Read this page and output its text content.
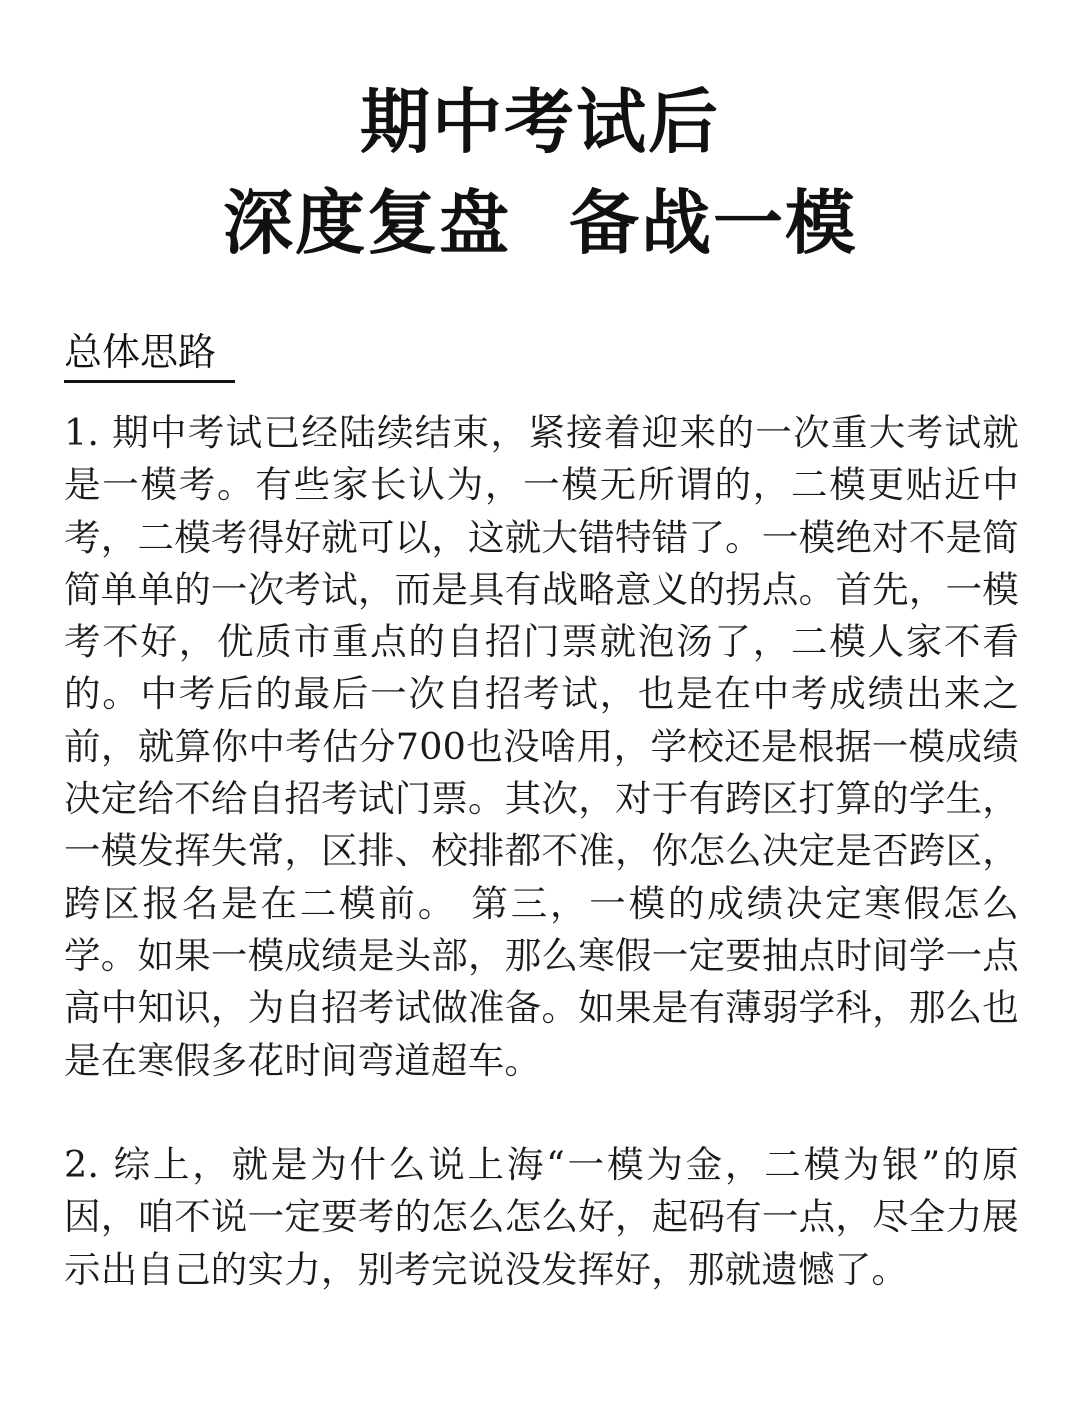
期中考试后
深度复盘 备战一模
总体思路

1. 期中考试已经陆续结束，紧接着迎来的一次重大考试就是一模考。有些家长认为，一模无所谓的，二模更贴近中考，二模考得好就可以，这就大错特错了。一模绝对不是简简单单的一次考试，而是具有战略意义的拐点。首先，一模考不好，优质市重点的自招门票就泡汤了，二模人家不看的。中考后的最后一次自招考试，也是在中考成绩出来之前，就算你中考估分700也没啥用，学校还是根据一模成绩决定给不给自招考试门票。其次，对于有跨区打算的学生，一模发挥失常，区排、校排都不准，你怎么决定是否跨区，跨区报名是在二模前。 第三，一模的成绩决定寒假怎么学。如果一模成绩是头部，那么寒假一定要抽点时间学一点高中知识，为自招考试做准备。如果是有薄弱学科，那么也是在寒假多花时间弯道超车。

2. 综上，就是为什么说上海“一模为金，二模为银”的原因，咱不说一定要考的怎么怎么好，起码有一点，尽全力展示出自己的实力，别考完说没发挥好，那就遗憾了。
